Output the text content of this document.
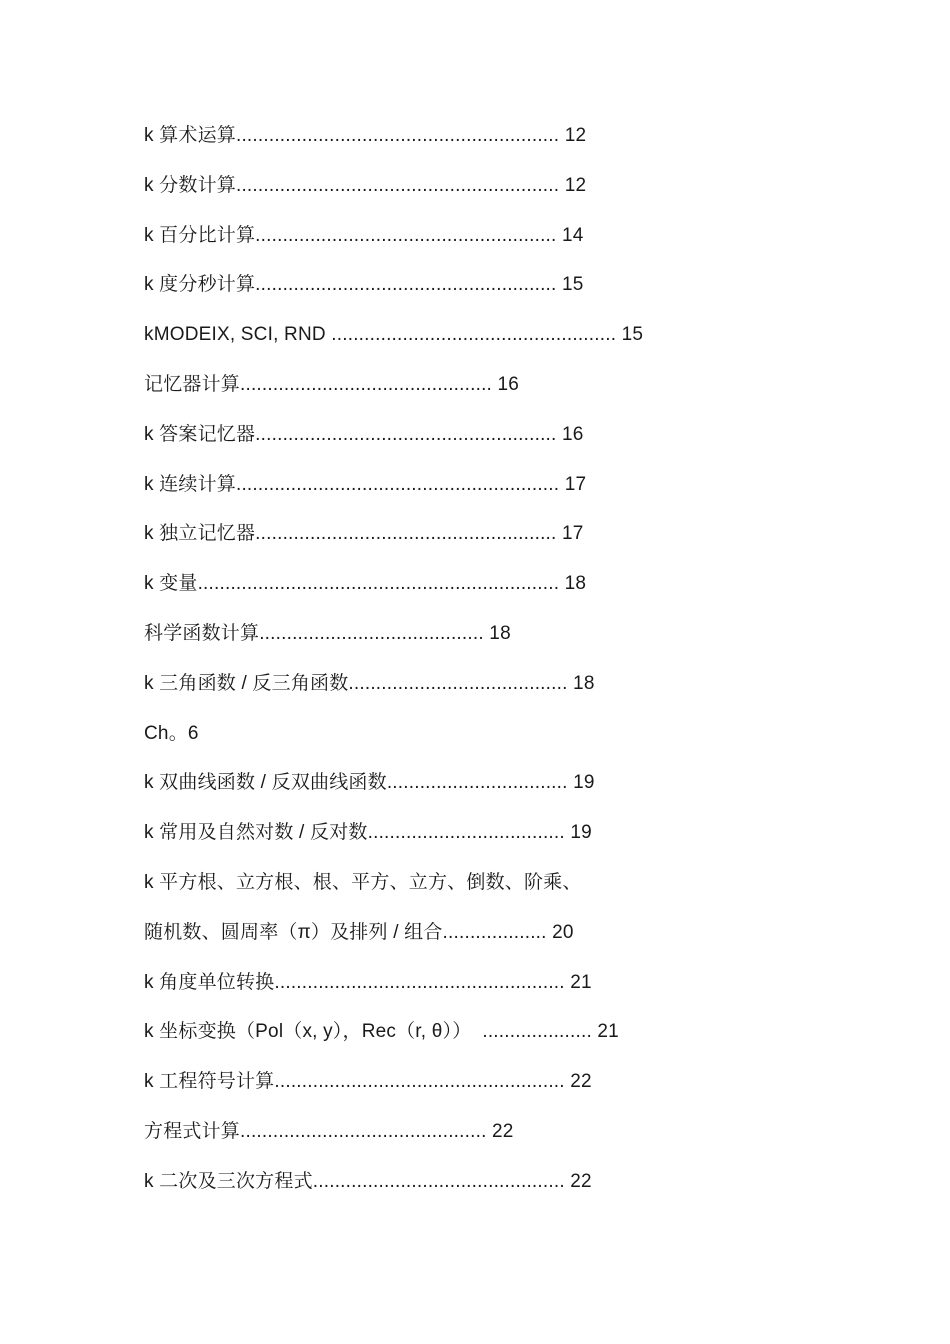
k 算术运算........................................................... 12
k 分数计算........................................................... 12
k 百分比计算....................................................... 14
k 度分秒计算....................................................... 15
kMODEIX, SCI, RND .................................................... 15
记忆器计算.............................................. 16
k 答案记忆器....................................................... 16
k 连续计算........................................................... 17
k 独立记忆器....................................................... 17
k 变量.................................................................. 18
科学函数计算......................................... 18
k 三角函数 / 反三角函数........................................ 18
Ch。6
k 双曲线函数 / 反双曲线函数................................. 19
k 常用及自然对数 / 反对数.................................... 19
k 平方根、立方根、根、平方、立方、倒数、阶乘、
随机数、圆周率（π）及排列 / 组合................... 20
k 角度单位转换..................................................... 21
k 坐标变换（Pol（x, y），Rec（r, θ））  .................... 21
k 工程符号计算..................................................... 22
方程式计算............................................. 22
k 二次及三次方程式.............................................. 22
